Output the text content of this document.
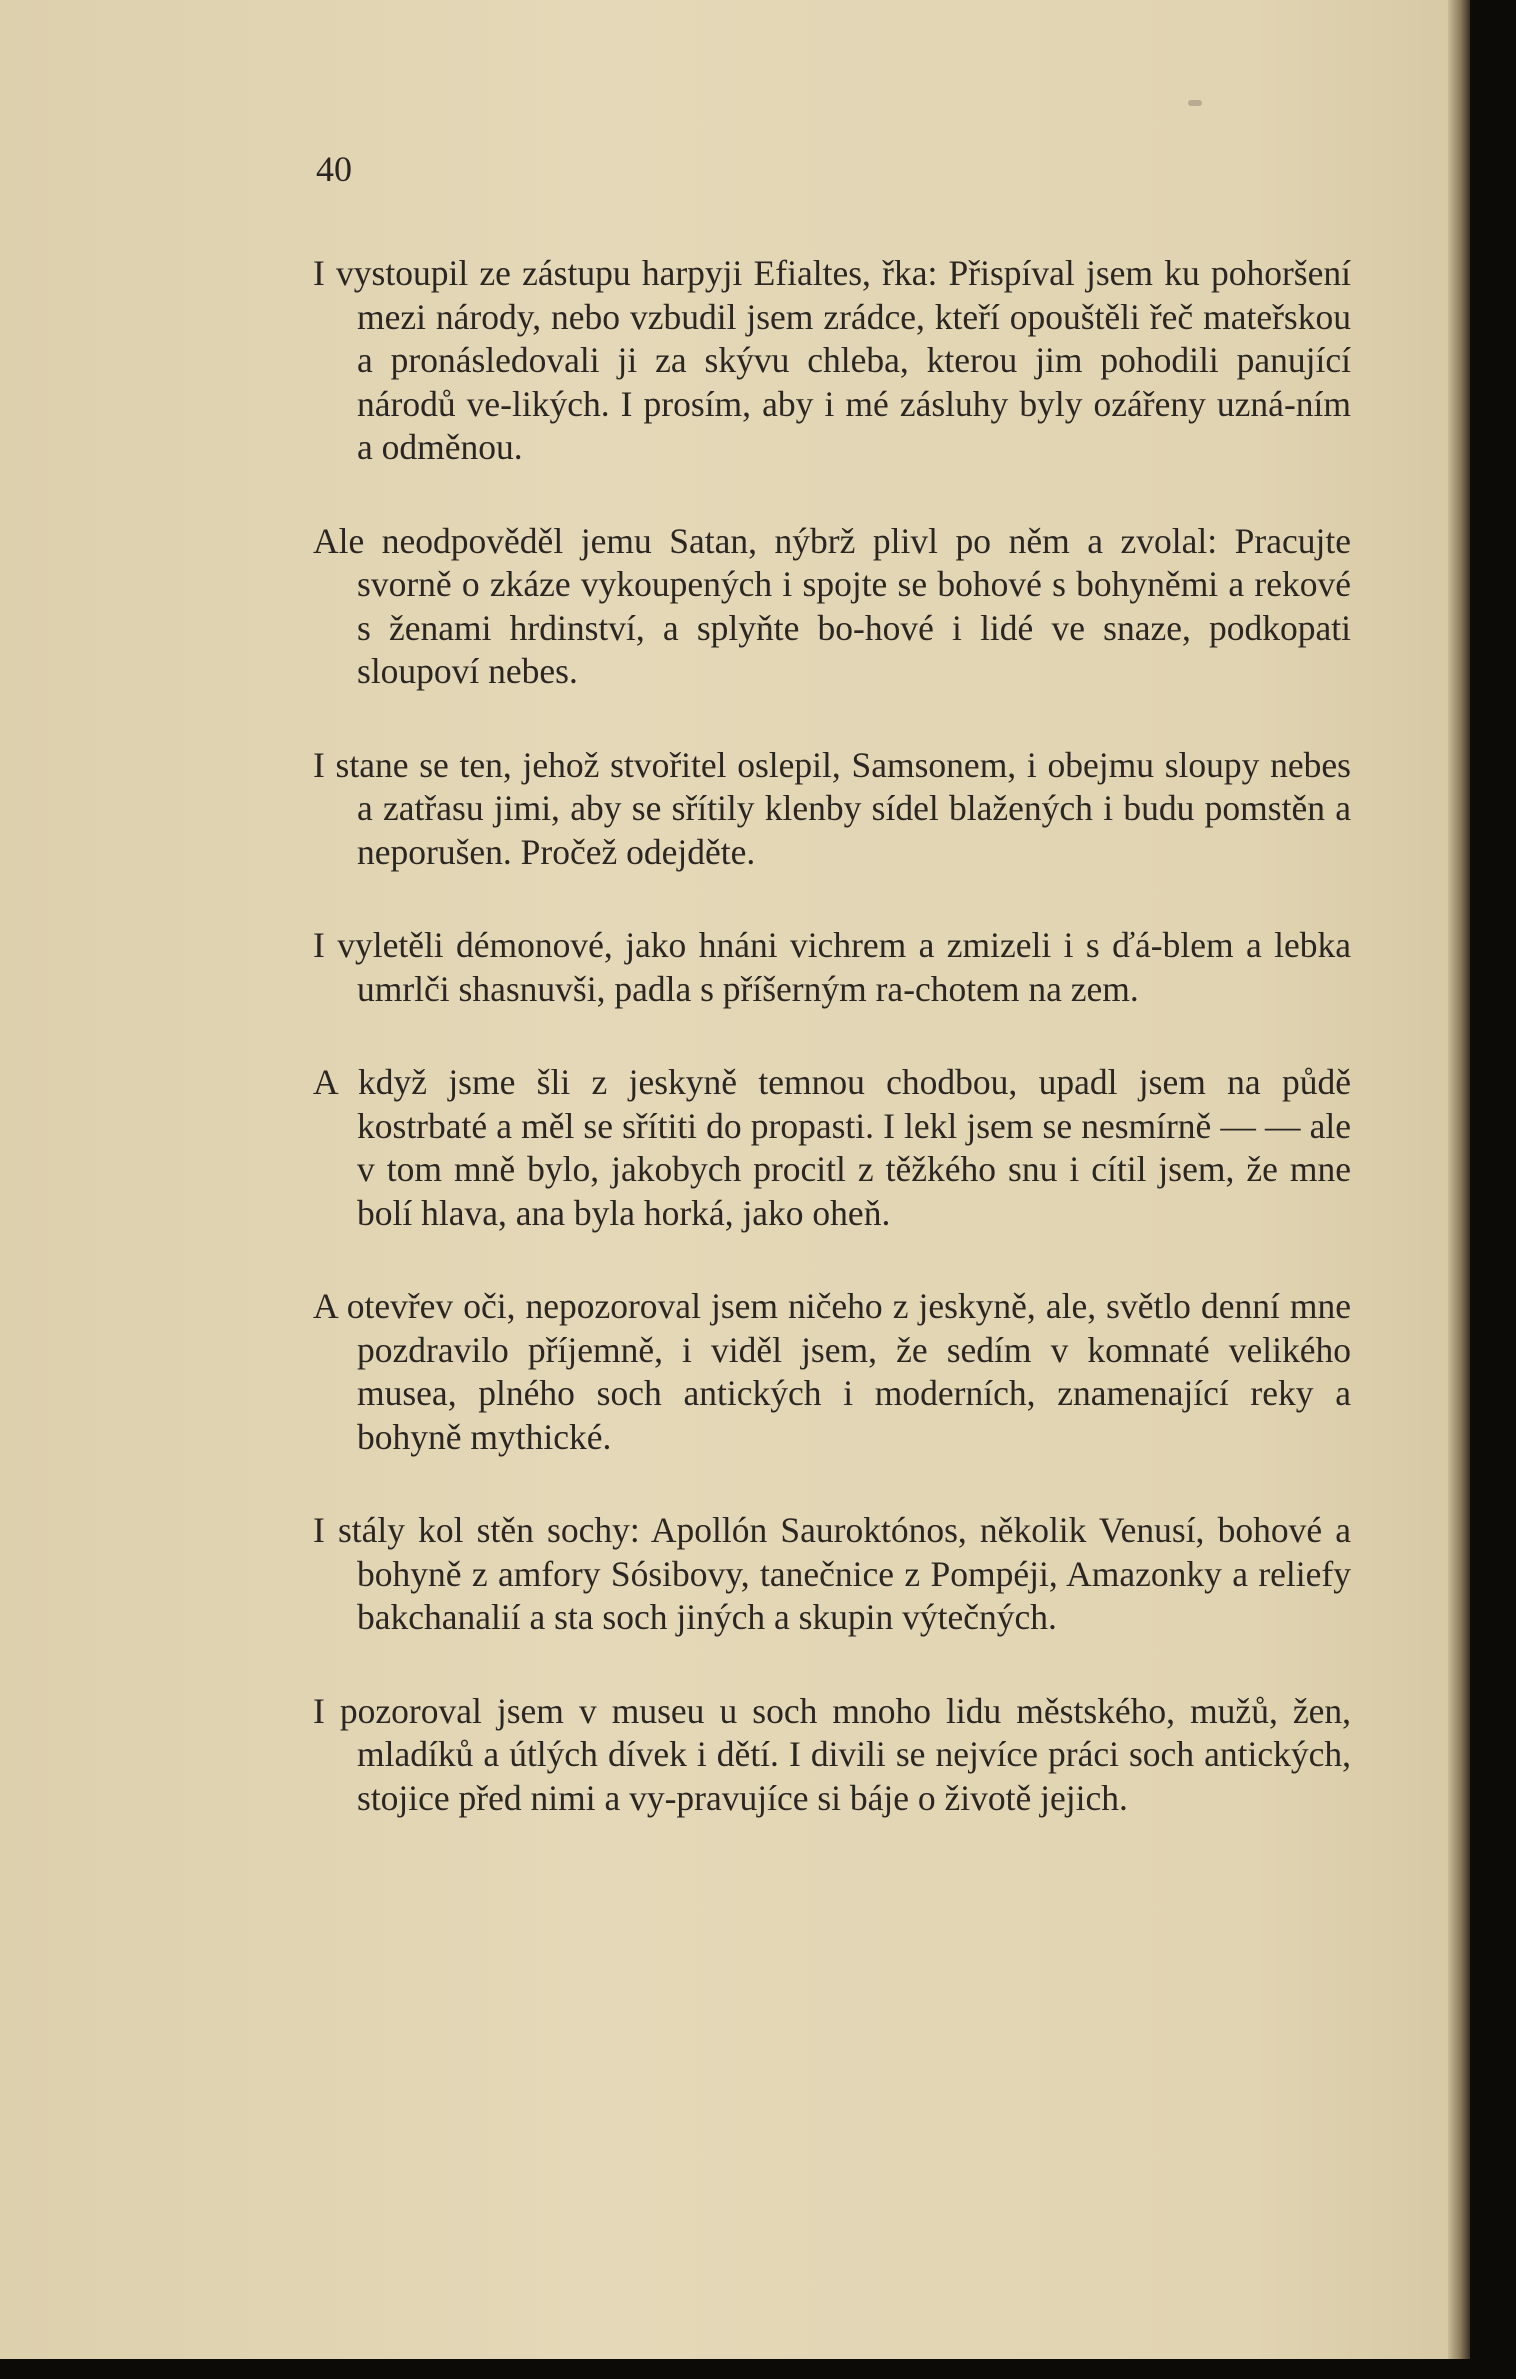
40

I vystoupil ze zástupu harpyji Efialtes, řka: Přispíval jsem ku pohoršení mezi národy, nebo vzbudil jsem zrádce, kteří opouštěli řeč mateřskou a pronásledovali ji za skývu chleba, kterou jim pohodili panující národů ve-likých. I prosím, aby i mé zásluhy byly ozářeny uzná-ním a odměnou.

Ale neodpověděl jemu Satan, nýbrž plivl po něm a zvolal: Pracujte svorně o zkáze vykoupených i spojte se bohové s bohyněmi a rekové s ženami hrdinství, a splyňte bo-hové i lidé ve snaze, podkopati sloupoví nebes.

I stane se ten, jehož stvořitel oslepil, Samsonem, i obejmu sloupy nebes a zatřasu jimi, aby se sřítily klenby sídel blažených i budu pomstěn a neporušen. Pročež odejděte.

I vyletěli démonové, jako hnáni vichrem a zmizeli i s ďá-blem a lebka umrlči shasnuvši, padla s příšerným ra-chotem na zem.

A když jsme šli z jeskyně temnou chodbou, upadl jsem na půdě kostrbaté a měl se sřítiti do propasti. I lekl jsem se nesmírně — — ale v tom mně bylo, jakobych procitl z těžkého snu i cítil jsem, že mne bolí hlava, ana byla horká, jako oheň.

A otevřev oči, nepozoroval jsem ničeho z jeskyně, ale, světlo denní mne pozdravilo příjemně, i viděl jsem, že sedím v komnaté velikého musea, plného soch antických i moderních, znamenající reky a bohyně mythické.

I stály kol stěn sochy: Apollón Sauroktónos, několik Venusí, bohové a bohyně z amfory Sósibovy, tanečnice z Pompéji, Amazonky a reliefy bakchanalií a sta soch jiných a skupin výtečných.

I pozoroval jsem v museu u soch mnoho lidu městského, mužů, žen, mladíků a útlých dívek i dětí. I divili se nejvíce práci soch antických, stojice před nimi a vy-pravujíce si báje o životě jejich.
